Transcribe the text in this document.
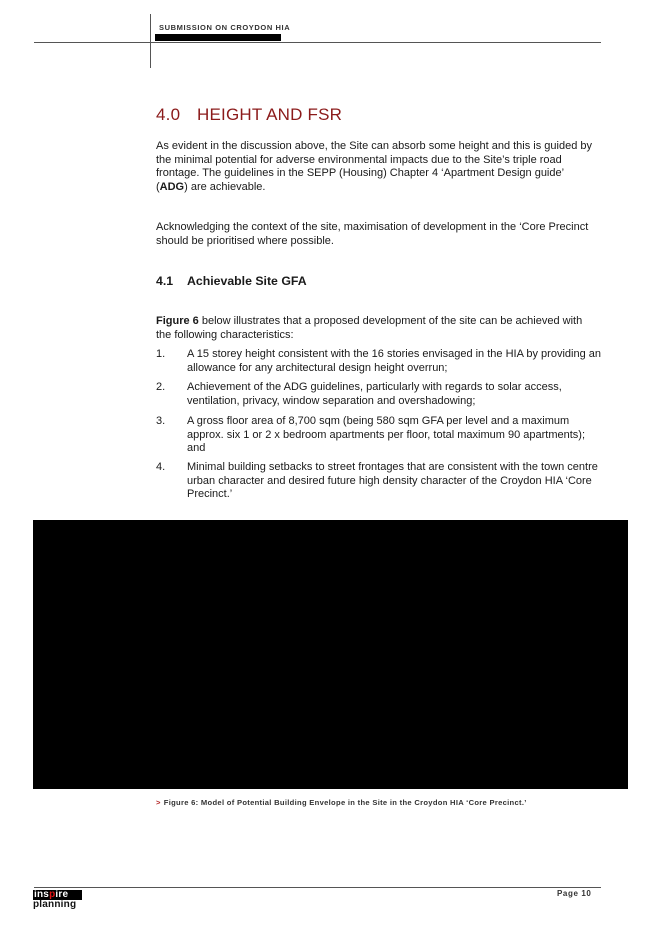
SUBMISSION ON CROYDON HIA
4.0 HEIGHT AND FSR

As evident in the discussion above, the Site can absorb some height and this is guided by the minimal potential for adverse environmental impacts due to the Site’s triple road frontage. The guidelines in the SEPP (Housing) Chapter 4 ‘Apartment Design guide’ (ADG) are achievable.

Acknowledging the context of the site, maximisation of development in the ‘Core Precinct should be prioritised where possible.

4.1 Achievable Site GFA

Figure 6 below illustrates that a proposed development of the site can be achieved with the following characteristics:

1. A 15 storey height consistent with the 16 stories envisaged in the HIA by providing an allowance for any architectural design height overrun;
2. Achievement of the ADG guidelines, particularly with regards to solar access, ventilation, privacy, window separation and overshadowing;
3. A gross floor area of 8,700 sqm (being 580 sqm GFA per level and a maximum approx. six 1 or 2 x bedroom apartments per floor, total maximum 90 apartments); and
4. Minimal building setbacks to street frontages that are consistent with the town centre urban character and desired future high density character of the Croydon HIA ‘Core Precinct.’
> Figure 6: Model of Potential Building Envelope in the Site in the Croydon HIA ‘Core Precinct.’
inspire
planning
Page 10
